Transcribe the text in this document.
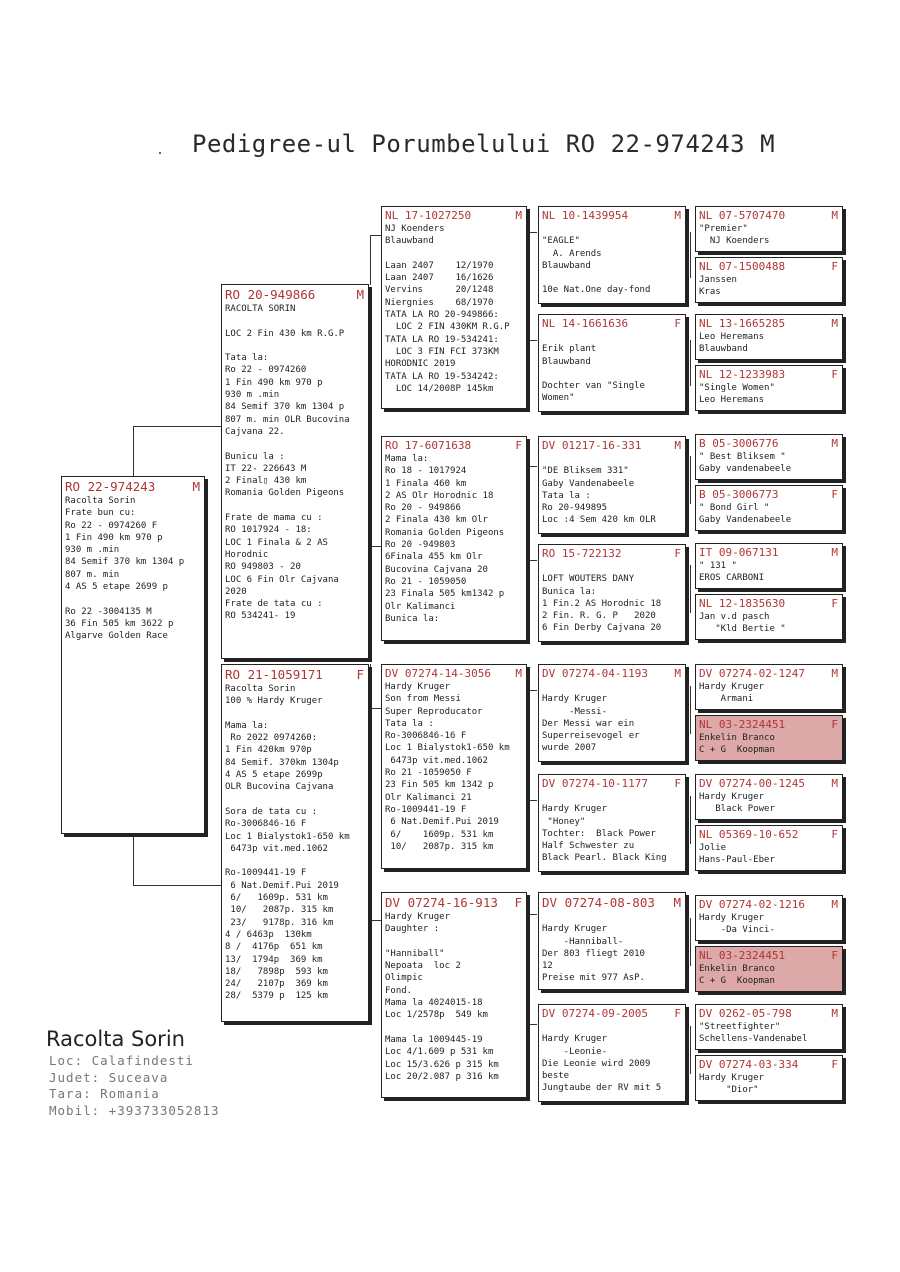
Pedigree-ul Porumbelului RO 22-974243 M
RO 22-974243	M
Racolta Sorin
Frate bun cu:
Ro 22 - 0974260 F
1 Fin 490 km 970 p
930 m .min
84 Semif 370 km 1304 p
807 m. min
4 AS 5 etape 2699 p

Ro 22 -3004135 M
36 Fin 505 km 3622 p
Algarve Golden Race
RO 20-949866	M
RACOLTA SORIN

LOC 2 Fin 430 km R.G.P

Tata la:
Ro 22 - 0974260
1 Fin 490 km 970 p
930 m .min
84 Semif 370 km 1304 p
807 m. min OLR Bucovina
Cajvana 22.

Bunicu la :
IT 22- 226643 M
2 Final▯ 430 km
Romania Golden Pigeons

Frate de mama cu :
RO 1017924 - 18:
LOC 1 Finala & 2 AS
Horodnic
RO 949803 - 20
LOC 6 Fin Olr Cajvana
2020
Frate de tata cu :
RO 534241- 19
RO 21-1059171	F
Racolta Sorin
100 % Hardy Kruger

Mama la:
Ro 2022 0974260:
1 Fin 420km 970p
84 Semif. 370km 1304p
4 AS 5 etape 2699p
OLR Bucovina Cajvana

Sora de tata cu :
Ro-3006846-16 F
Loc 1 Bialystok1-650 km
6473p vit.med.1062

Ro-1009441-19 F
6 Nat.Demif.Pui 2019
6/   1609p. 531 km
10/   2087p. 315 km
23/   9178p. 316 km
4 / 6463p  130km
8 /  4176p  651 km
13/  1794p  369 km
18/   7898p  593 km
24/   2107p  369 km
28/  5379 p  125 km
NL 17-1027250	M
NJ Koenders
Blauwband

Laan 2407    12/1970
Laan 2407    16/1626
Vervins      20/1248
Niergnies    68/1970
TATA LA RO 20-949866:
LOC 2 FIN 430KM R.G.P
TATA LA RO 19-534241:
LOC 3 FIN FCI 373KM
HORODNIC 2019
TATA LA RO 19-534242:
LOC 14/2008P 145km
RO 17-6071638	F
Mama la:
Ro 18 - 1017924
1 Finala 460 km
2 AS Olr Horodnic 18
Ro 20 - 949866
2 Finala 430 km Olr
Romania Golden Pigeons
Ro 20 -949803
6Finala 455 km Olr
Bucovina Cajvana 20
Ro 21 - 1059050
23 Finala 505 km1342 p
Olr Kalimanci
Bunica la:
DV 07274-14-3056 M
Hardy Kruger
Son from Messi
Super Reproducator
Tata la :
Ro-3006846-16 F
Loc 1 Bialystok1-650 km
6473p vit.med.1062
Ro 21 -1059050 F
23 Fin 505 km 1342 p
Olr Kalimanci 21
Ro-1009441-19 F
6 Nat.Demif.Pui 2019
6/    1609p. 531 km
10/   2087p. 315 km
DV 07274-16-913 F
Hardy Kruger
Daughter :

"Hanniball"
Nepoata  loc 2
Olimpic
Fond.
Mama la 4024015-18
Loc 1/2578p  549 km

Mama la 1009445-19
Loc 4/1.609 p 531 km
Loc 15/3.626 p 315 km
Loc 20/2.087 p 316 km
NL 10-1439954	M

"EAGLE"
A. Arends
Blauwband

10e Nat.One day-fond
NL 14-1661636	F

Erik plant
Blauwband

Dochter van "Single
Women"
DV 01217-16-331	M

"DE Bliksem 331"
Gaby Vandenabeele
Tata la :
Ro 20-949895
Loc :4 Sem 420 km OLR
RO 15-722132	F

LOFT WOUTERS DANY
Bunica la:
1 Fin.2 AS Horodnic 18
2 Fin. R. G. P   2020
6 Fin Derby Cajvana 20
DV 07274-04-1193 M

Hardy Kruger
-Messi-
Der Messi war ein
Superreisevogel er
wurde 2007
DV 07274-10-1177 F

Hardy Kruger
"Honey"
Tochter:  Black Power
Half Schwester zu
Black Pearl. Black King
DV 07274-08-803 M

Hardy Kruger
-Hanniball-
Der 803 fliegt 2010
12
Preise mit 977 AsP.
DV 07274-09-2005 F

Hardy Kruger
-Leonie-
Die Leonie wird 2009
beste
Jungtaube der RV mit 5
NL 07-5707470	M
"Premier"
NJ Koenders
NL 07-1500488	F
Janssen
Kras
NL 13-1665285	M
Leo Heremans
Blauwband
NL 12-1233983	F
"Single Women"
Leo Heremans
B 05-3006776	M
" Best Bliksem "
Gaby vandenabeele
B 05-3006773	F
" Bond Girl "
Gaby Vandenabeele
IT 09-067131	M
" 131 "
EROS CARBONI
NL 12-1835630	F
Jan v.d pasch
"Kld Bertie "
DV 07274-02-1247 M
Hardy Kruger
Armani
NL 03-2324451	F
Enkelin Branco
C + G  Koopman
DV 07274-00-1245 M
Hardy Kruger
Black Power
NL 05369-10-652	F
Jolie
Hans-Paul-Eber
DV 07274-02-1216 M
Hardy Kruger
-Da Vinci-
NL 03-2324451	F
Enkelin Branco
C + G  Koopman
DV 0262-05-798	M
"Streetfighter"
Schellens-Vandenabel
DV 07274-03-334	F
Hardy Kruger
"Dior"
Racolta Sorin
Loc: Calafindesti
Judet: Suceava
Tara: Romania
Mobil: +393733052813
